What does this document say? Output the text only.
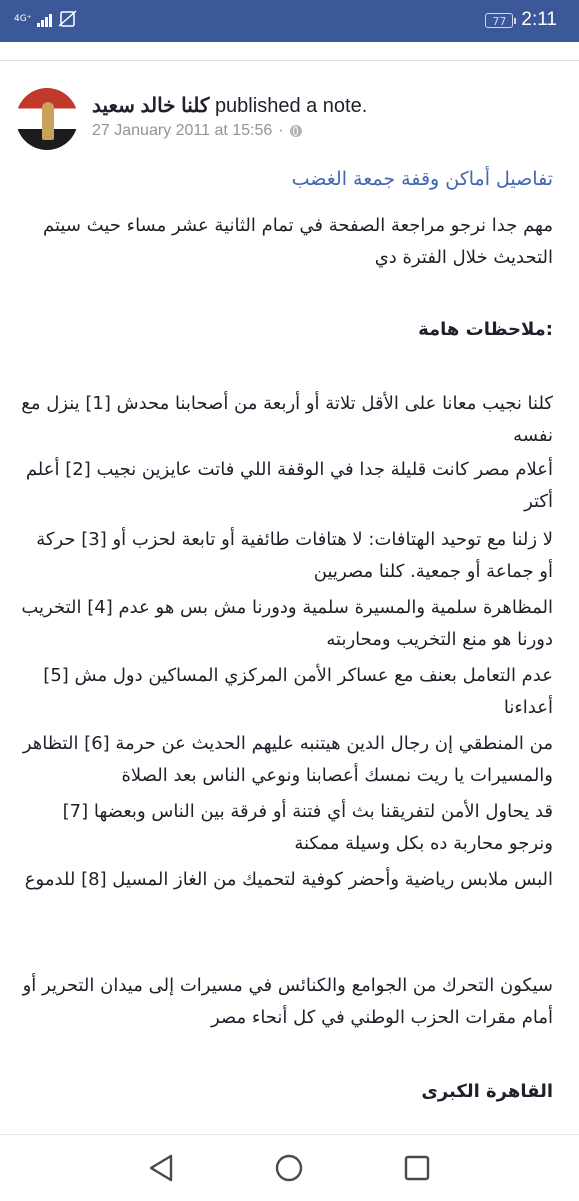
4G⁺	77 2:11
كلنا خالد سعيد published a note.
27 January 2011 at 15:56 ·
تفاصيل أماكن وقفة جمعة الغضب
مهم جدا نرجو مراجعة الصفحة في تمام الثانية عشر مساء حيث سيتم التحديث خلال الفترة دي
:ملاحظات هامة
كلنا نجيب معانا على الأقل تلاتة أو أربعة من أصحابنا محدش [1] ينزل مع نفسه
أعلام مصر كانت قليلة جدا في الوقفة اللي فاتت عايزين نجيب [2] أعلم أكتر
لا زلنا مع توحيد الهتافات: لا هتافات طائفية أو تابعة لحزب أو [3] حركة أو جماعة أو جمعية. كلنا مصريين
المظاهرة سلمية والمسيرة سلمية ودورنا مش بس هو عدم [4] التخريب دورنا هو منع التخريب ومحاربته
عدم التعامل بعنف مع عساكر الأمن المركزي المساكين دول مش [5] أعداءنا
من المنطقي إن رجال الدين هيتنبه عليهم الحديث عن حرمة [6] التظاهر والمسيرات يا ريت نمسك أعصابنا ونوعي الناس بعد الصلاة
قد يحاول الأمن لتفريقنا بث أي فتنة أو فرقة بين الناس وبعضها [7] ونرجو محاربة ده بكل وسيلة ممكنة
البس ملابس رياضية وأحضر كوفية لتحميك من الغاز المسيل [8] للدموع
سيكون التحرك من الجوامع والكنائس في مسيرات إلى ميدان التحرير أو أمام مقرات الحزب الوطني في كل أنحاء مصر
القاهرة الكبرى
